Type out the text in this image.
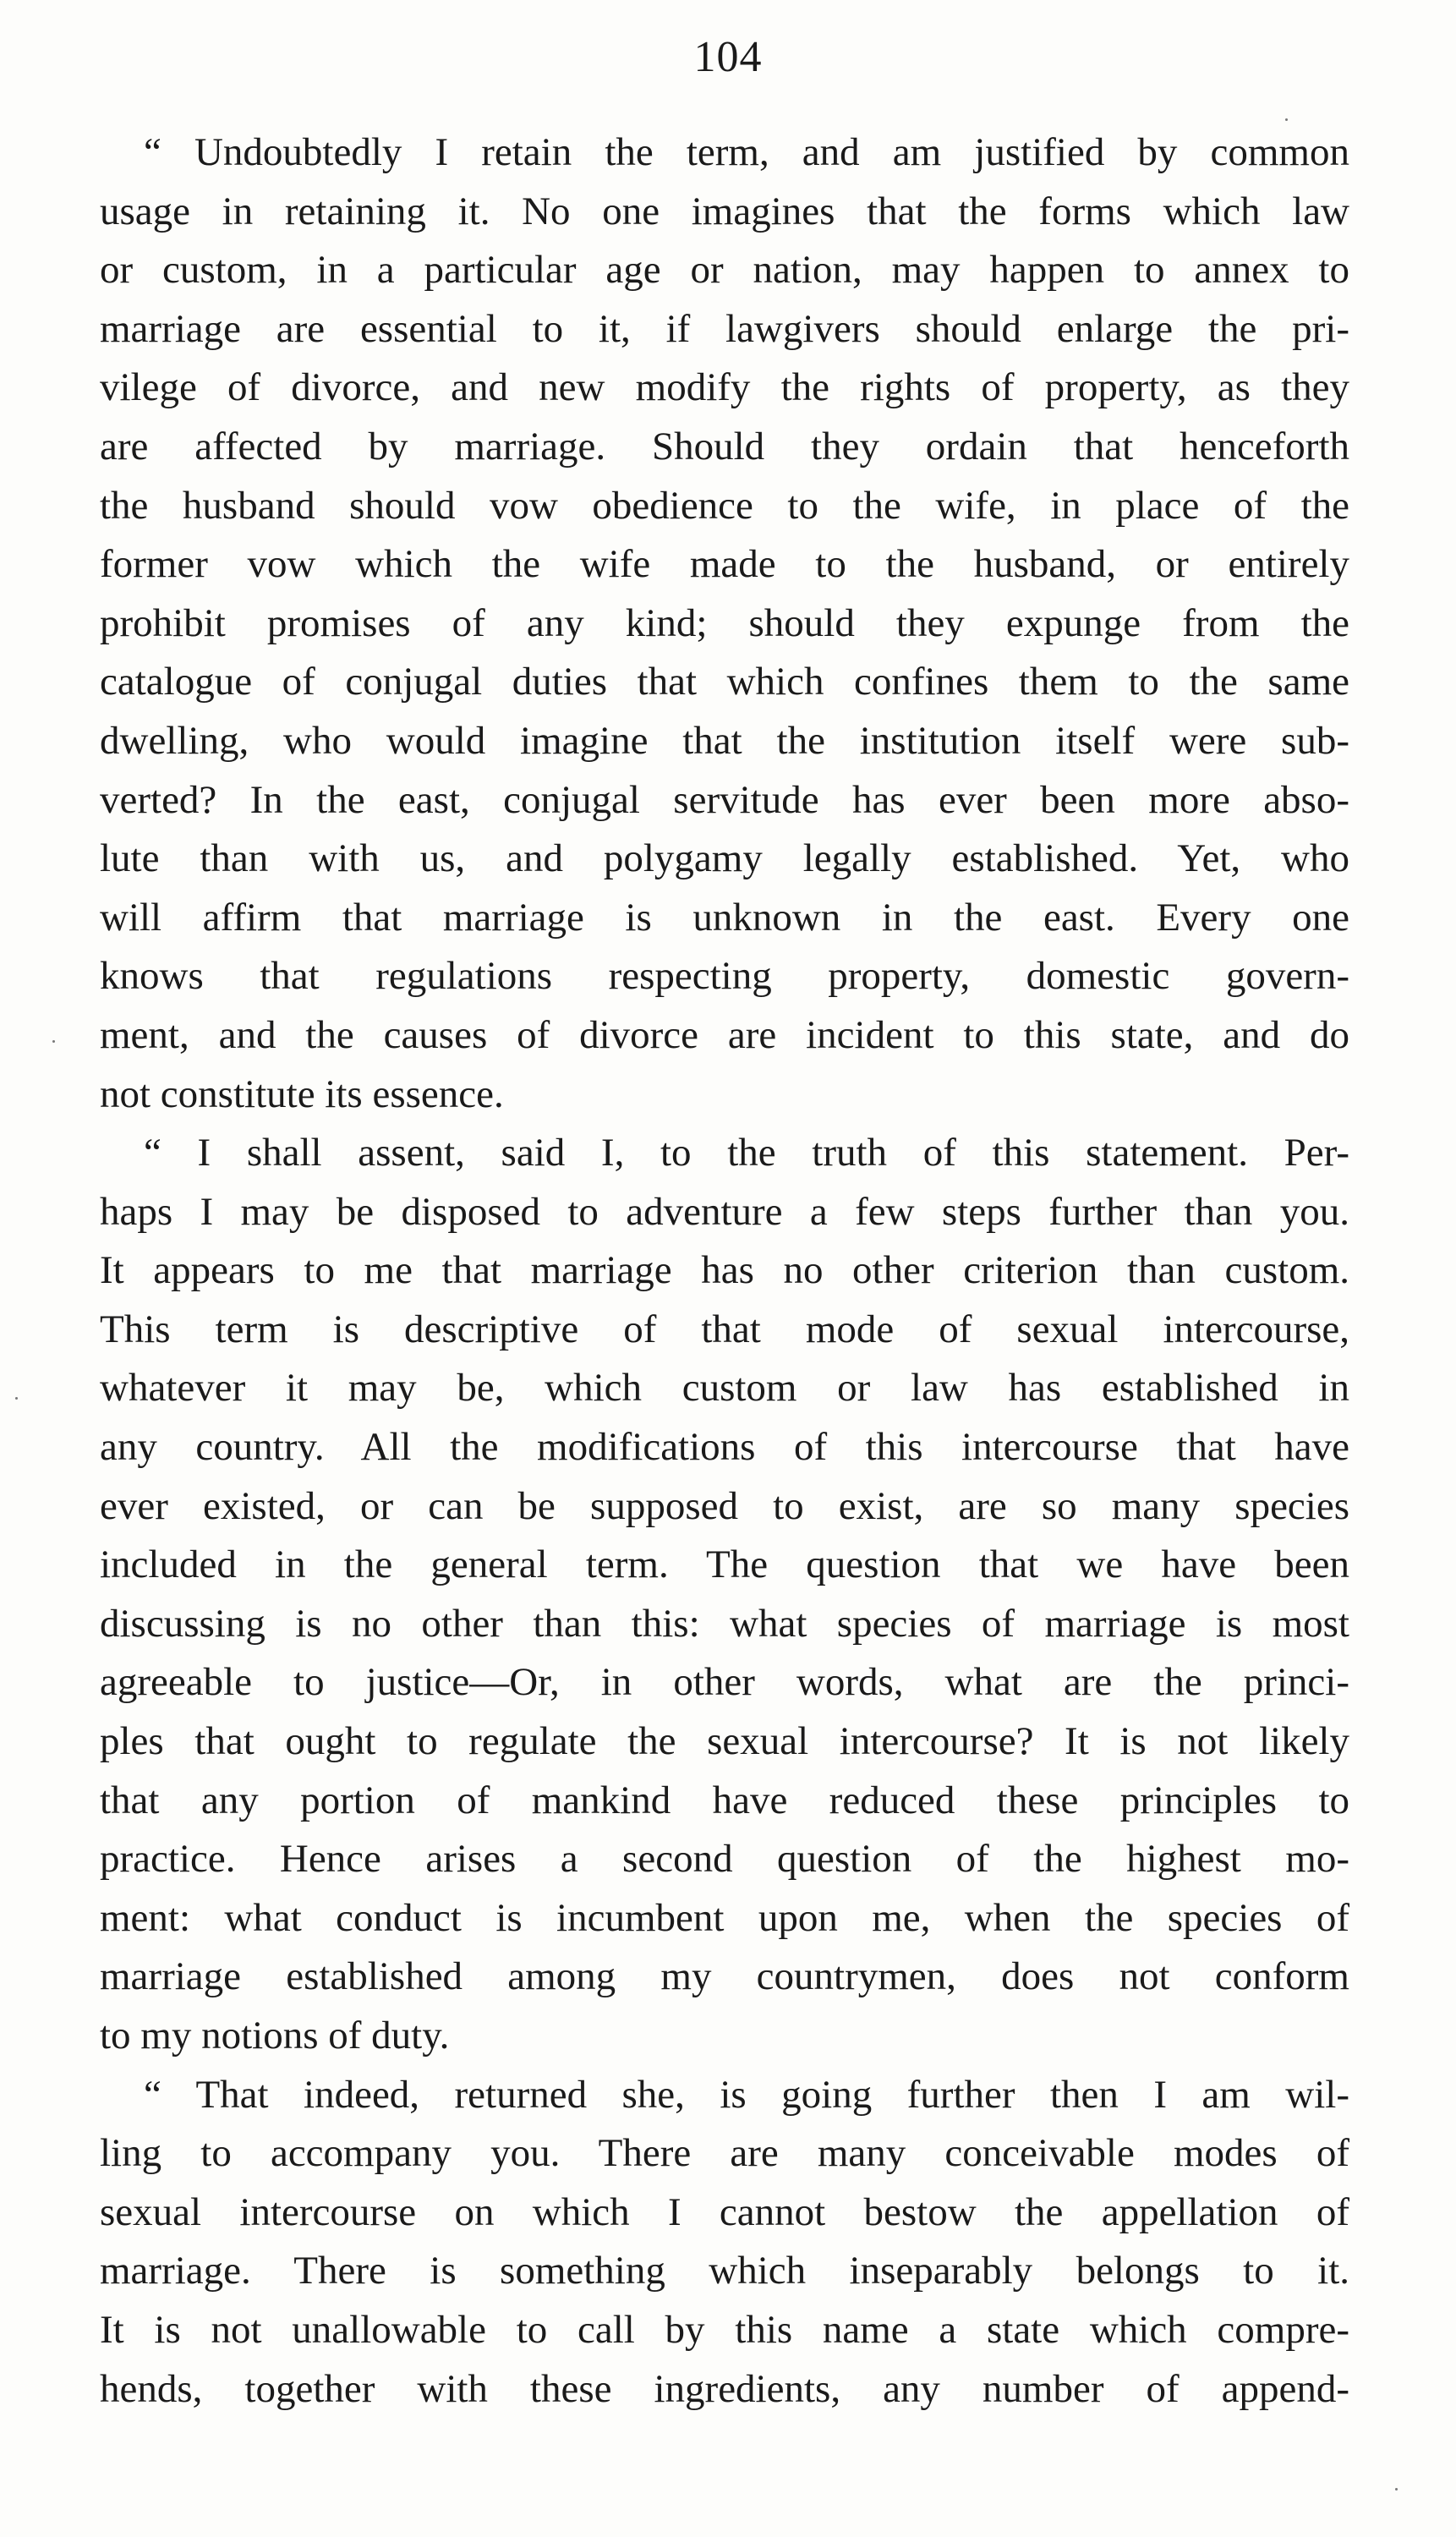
104
“ Undoubtedly I retain the term, and am justified by common
usage in retaining it. No one imagines that the forms which law
or custom, in a particular age or nation, may happen to annex to
marriage are essential to it, if lawgivers should enlarge the pri-
vilege of divorce, and new modify the rights of property, as they
are affected by marriage. Should they ordain that henceforth
the husband should vow obedience to the wife, in place of the
former vow which the wife made to the husband, or entirely
prohibit promises of any kind; should they expunge from the
catalogue of conjugal duties that which confines them to the same
dwelling, who would imagine that the institution itself were sub-
verted? In the east, conjugal servitude has ever been more abso-
lute than with us, and polygamy legally established. Yet, who
will affirm that marriage is unknown in the east. Every one
knows that regulations respecting property, domestic govern-
ment, and the causes of divorce are incident to this state, and do
not constitute its essence.
“ I shall assent, said I, to the truth of this statement. Per-
haps I may be disposed to adventure a few steps further than you.
It appears to me that marriage has no other criterion than custom.
This term is descriptive of that mode of sexual intercourse,
whatever it may be, which custom or law has established in
any country. All the modifications of this intercourse that have
ever existed, or can be supposed to exist, are so many species
included in the general term. The question that we have been
discussing is no other than this: what species of marriage is most
agreeable to justice—Or, in other words, what are the princi-
ples that ought to regulate the sexual intercourse? It is not likely
that any portion of mankind have reduced these principles to
practice. Hence arises a second question of the highest mo-
ment: what conduct is incumbent upon me, when the species of
marriage established among my countrymen, does not conform
to my notions of duty.
“ That indeed, returned she, is going further then I am wil-
ling to accompany you. There are many conceivable modes of
sexual intercourse on which I cannot bestow the appellation of
marriage. There is something which inseparably belongs to it.
It is not unallowable to call by this name a state which compre-
hends, together with these ingredients, any number of append-
